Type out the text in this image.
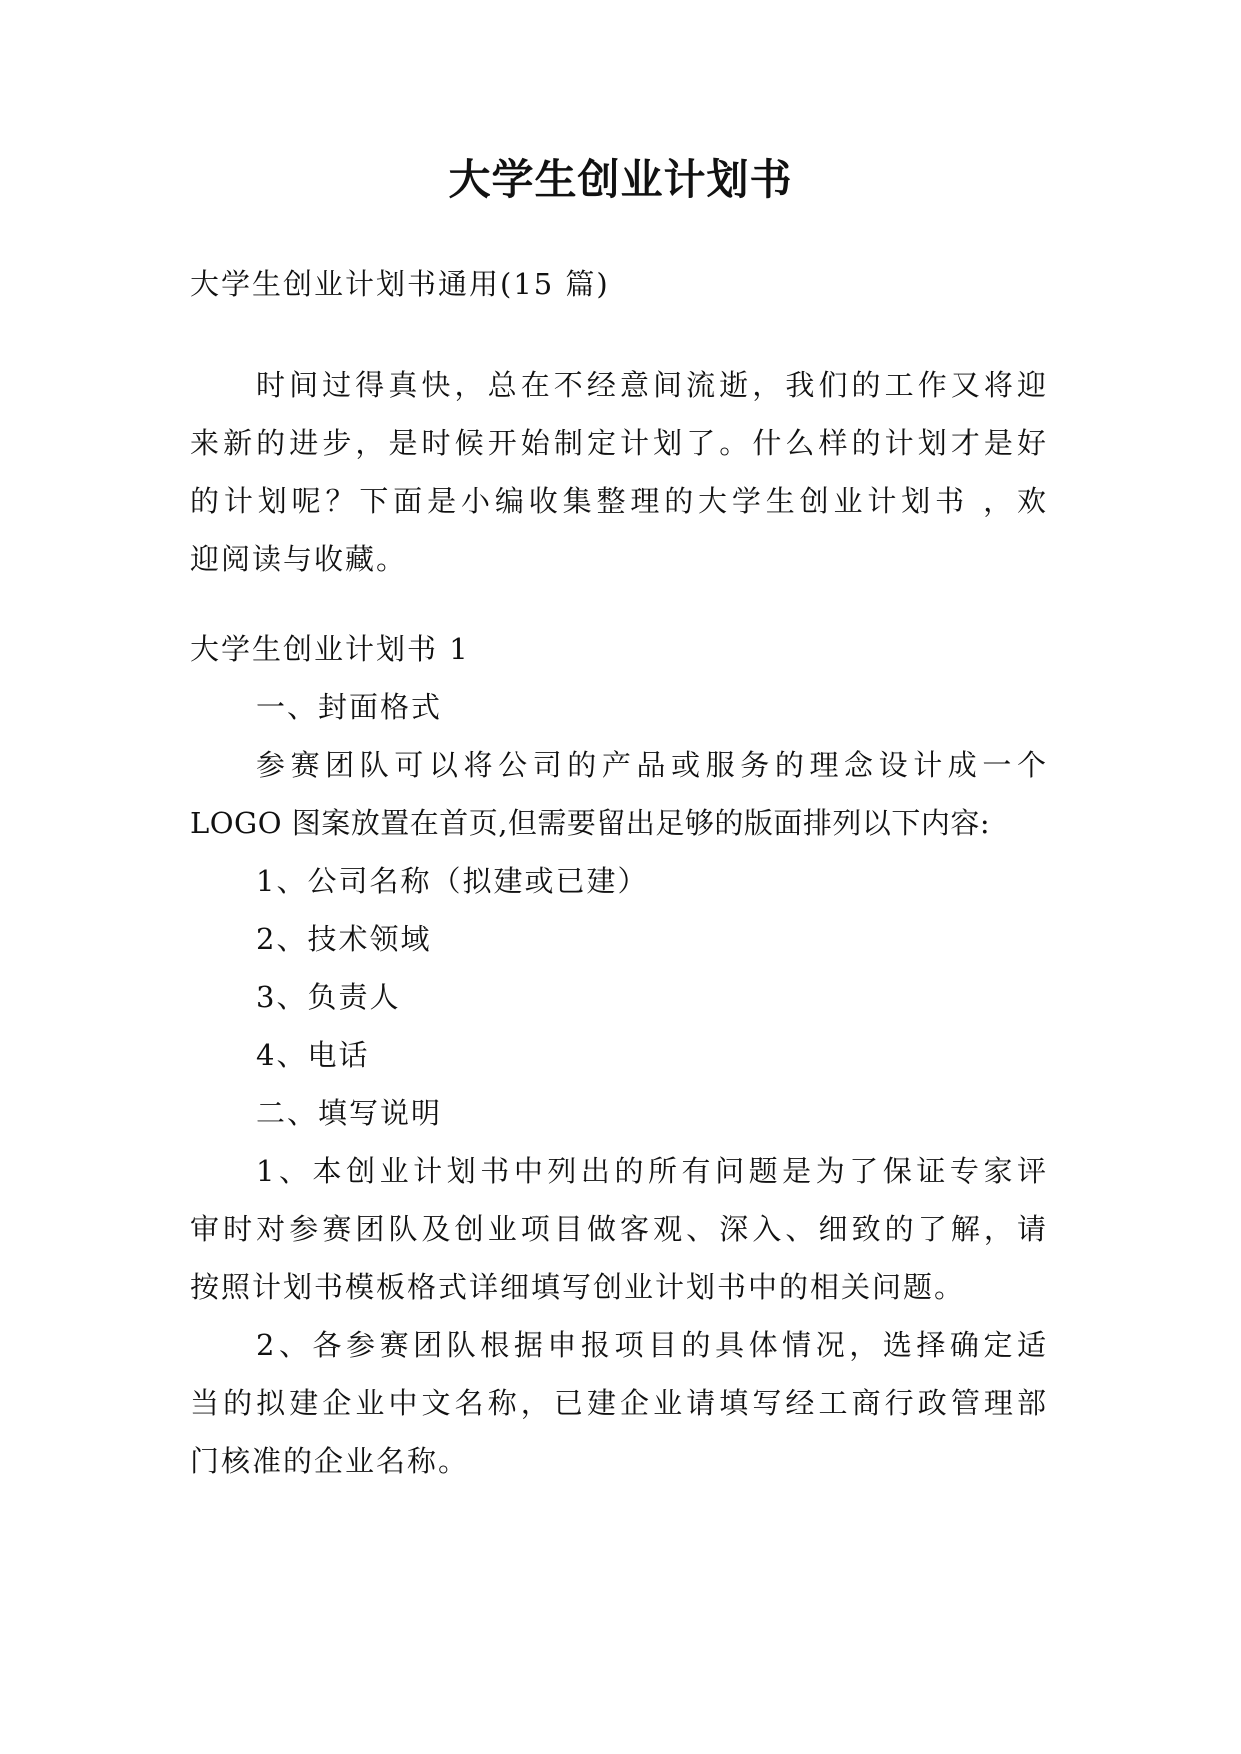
大学生创业计划书
大学生创业计划书通用(15 篇)
时间过得真快，总在不经意间流逝，我们的工作又将迎
来新的进步，是时候开始制定计划了。什么样的计划才是好
的计划呢？下面是小编收集整理的大学生创业计划书 ，欢
迎阅读与收藏。
大学生创业计划书 1
一、封面格式
参赛团队可以将公司的产品或服务的理念设计成一个
LOGO 图案放置在首页,但需要留出足够的版面排列以下内容:
1、公司名称（拟建或已建）
2、技术领域
3、负责人
4、电话
二、填写说明
1、本创业计划书中列出的所有问题是为了保证专家评
审时对参赛团队及创业项目做客观、深入、细致的了解，请
按照计划书模板格式详细填写创业计划书中的相关问题。
2、各参赛团队根据申报项目的具体情况，选择确定适
当的拟建企业中文名称，已建企业请填写经工商行政管理部
门核准的企业名称。
